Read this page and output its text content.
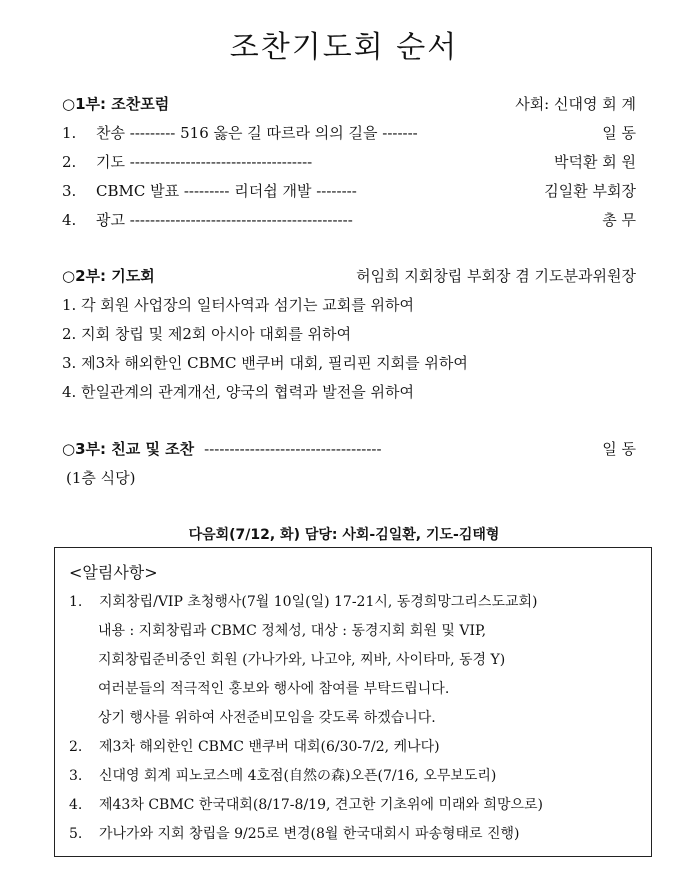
조찬기도회 순서
○1부: 조찬포럼	사회: 신대영 회 계
1.	찬송 --------- 516 옳은 길 따르라 의의 길을 -------	일 동
2.	기도 ------------------------------------	박덕환 회 원
3.	CBMC 발표 --------- 리더쉽 개발 --------	김일환 부회장
4.	광고 --------------------------------------------	총 무
○2부: 기도회	허임희 지회창립 부회장 겸 기도분과위원장
1. 각 회원 사업장의 일터사역과 섬기는 교회를 위하여
2. 지회 창립 및 제2회 아시아 대회를 위하여
3. 제3차 해외한인 CBMC 밴쿠버 대회, 필리핀 지회를 위하여
4. 한일관계의 관계개선, 양국의 협력과 발전을 위하여
○3부: 친교 및 조찬 -----------------------------------	일 동
(1층 식당)
다음회(7/12, 화) 담당: 사회-김일환, 기도-김태형
<알림사항>
1.	지회창립/VIP 초청행사(7월 10일(일) 17-21시, 동경희망그리스도교회)
내용 : 지회창립과 CBMC 정체성, 대상 : 동경지회 회원 및 VIP,
지회창립준비중인 회원 (가나가와, 나고야, 찌바, 사이타마, 동경 Y)
여러분들의 적극적인 홍보와 행사에 참여를 부탁드립니다.
상기 행사를 위하여 사전준비모임을 갖도록 하겠습니다.
2.	제3차 해외한인 CBMC 밴쿠버 대회(6/30-7/2, 케나다)
3.	신대영 회계 피노코스메 4호점(自然の森)오픈(7/16, 오무보도리)
4.	제43차 CBMC 한국대회(8/17-8/19, 견고한 기초위에 미래와 희망으로)
5.	가나가와 지회 창립을 9/25로 변경(8월 한국대회시 파송형태로 진행)
